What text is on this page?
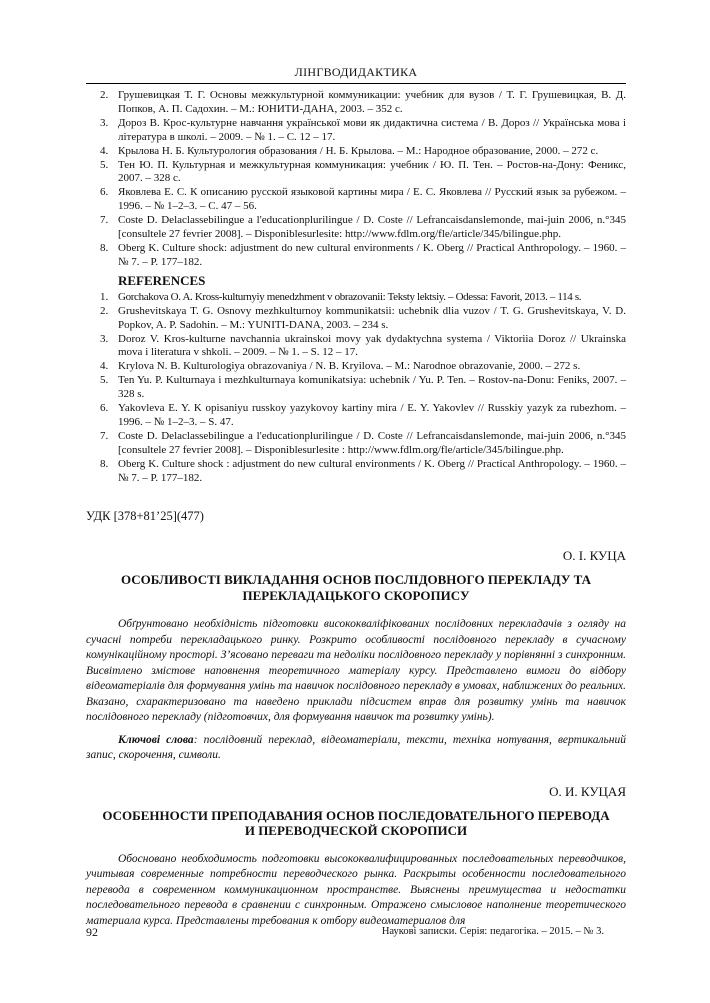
ЛІНГВОДИДАКТИКА
2. Грушевицкая Т. Г. Основы межкультурной коммуникации: учебник для вузов / Т. Г. Грушевицкая, В. Д. Попков, А. П. Садохин. – М.: ЮНИТИ-ДАНА, 2003. – 352 с.
3. Дороз В. Крос-культурне навчання української мови як дидактична система / В. Дороз // Українська мова і література в школі. – 2009. – № 1. – С. 12 – 17.
4. Крылова Н. Б. Культурология образования / Н. Б. Крылова. – М.: Народное образование, 2000. – 272 с.
5. Тен Ю. П. Культурная и межкультурная коммуникация: учебник / Ю. П. Тен. – Ростов-на-Дону: Феникс, 2007. – 328 с.
6. Яковлева Е. С. К описанию русской языковой картины мира / Е. С. Яковлева // Русский язык за рубежом. – 1996. – № 1–2–3. – С. 47 – 56.
7. Coste D. Delaclassebilingue a l'educationplurilingue / D. Coste // Lefrancaisdanslemonde, mai-juin 2006, n.°345 [consultele 27 fevrier 2008]. – Disponiblesurlesite: http://www.fdlm.org/fle/article/345/bilingue.php.
8. Oberg K. Culture shock: adjustment do new cultural environments / K. Oberg // Practical Anthropology. – 1960. – № 7. – P. 177–182.
REFERENCES
1. Gorchakova O. A. Kross-kulturnyiy menedzhment v obrazovanii: Teksty lektsiy. – Odessa: Favorit, 2013. – 114 s.
2. Grushevitskaya T. G. Osnovy mezhkulturnoy kommunikatsii: uchebnik dlia vuzov / T. G. Grushevitskaya, V. D. Popkov, A. P. Sadohin. – M.: YUNITI-DANA, 2003. – 234 s.
3. Doroz V. Kros-kulturne navchannia ukrainskoi movy yak dydaktychna systema / Viktoriia Doroz // Ukrainska mova i literatura v shkoli. – 2009. – № 1. – S. 12 – 17.
4. Krylova N. B. Kulturologiya obrazovaniya / N. B. Kryilova. – M.: Narodnoe obrazovanie, 2000. – 272 s.
5. Ten Yu. P. Kulturnaya i mezhkulturnaya komunikatsiya: uchebnik / Yu. P. Ten. – Rostov-na-Donu: Feniks, 2007. – 328 s.
6. Yakovleva E. Y. K opisaniyu russkoy yazykovoy kartiny mira / E. Y. Yakovlev // Russkiy yazyk za rubezhom. – 1996. – № 1–2–3. – S. 47.
7. Coste D. Delaclassebilingue a l'educationplurilingue / D. Coste // Lefrancaisdanslemonde, mai-juin 2006, n.°345 [consultele 27 fevrier 2008]. – Disponiblesurlesite : http://www.fdlm.org/fle/article/345/bilingue.php.
8. Oberg K. Culture shock : adjustment do new cultural environments / K. Oberg // Practical Anthropology. – 1960. – № 7. – P. 177–182.
УДК [378+81’25](477)
О. І. КУЦА
ОСОБЛИВОСТІ ВИКЛАДАННЯ ОСНОВ ПОСЛІДОВНОГО ПЕРЕКЛАДУ ТА ПЕРЕКЛАДАЦЬКОГО СКОРОПИСУ

Обґрунтовано необхідність підготовки висококваліфікованих послідовних перекладачів з огляду на сучасні потреби перекладацького ринку. Розкрито особливості послідовного перекладу в сучасному комунікаційному просторі. З’ясовано переваги та недоліки послідовного перекладу у порівнянні з синхронним. Висвітлено змістове наповнення теоретичного матеріалу курсу. Представлено вимоги до відбору відеоматеріалів для формування умінь та навичок послідовного перекладу в умовах, наближених до реальних. Вказано, схарактеризовано та наведено приклади підсистем вправ для розвитку умінь та навичок послідовного перекладу (підготовчих, для формування навичок та розвитку умінь).

Ключові слова: послідовний переклад, відеоматеріали, тексти, техніка нотування, вертикальний запис, скорочення, символи.
О. И. КУЦАЯ
ОСОБЕННОСТИ ПРЕПОДАВАНИЯ ОСНОВ ПОСЛЕДОВАТЕЛЬНОГО ПЕРЕВОДА И ПЕРЕВОДЧЕСКОЙ СКОРОПИСИ

Обосновано необходимость подготовки высококвалифицированных последовательных переводчиков, учитывая современные потребности переводческого рынка. Раскрыты особенности последовательного перевода в современном коммуникационном пространстве. Выяснены преимущества и недостатки последовательного перевода в сравнении с синхронным. Отражено смысловое наполнение теоретического материала курса. Представлены требования к отбору видеоматериалов для

92	Наукові записки. Серія: педагогіка. – 2015. – № 3.
